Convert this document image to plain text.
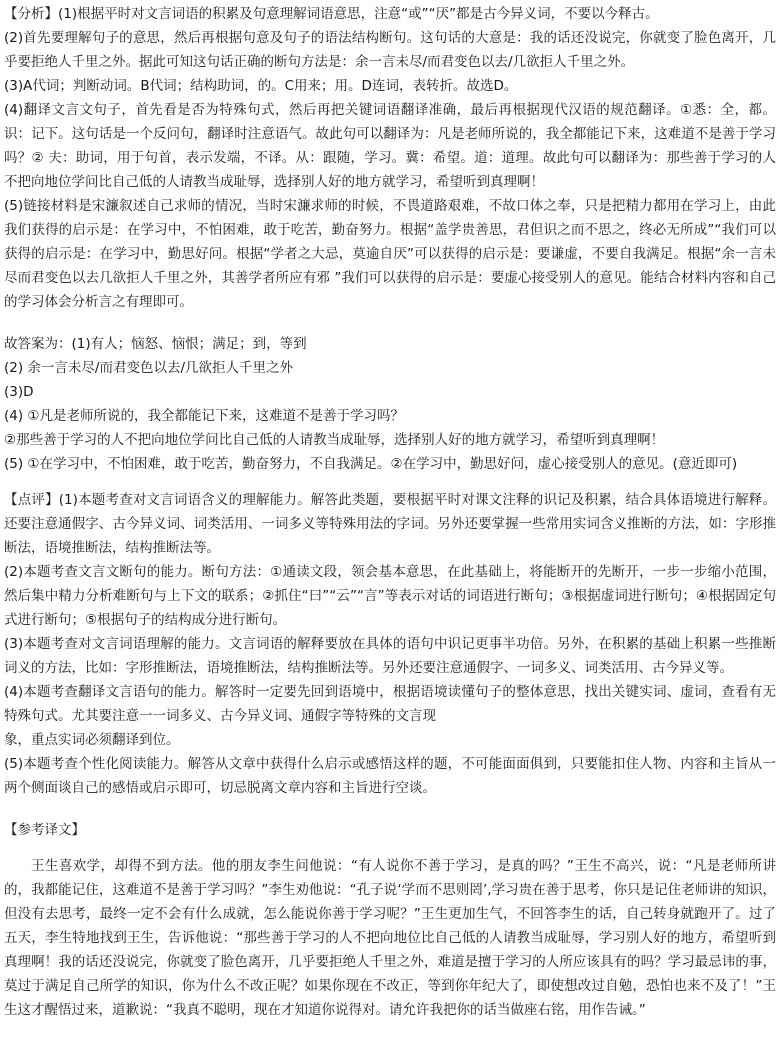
【分析】(1)根据平时对文言词语的积累及句意理解词语意思，注意“或”“厌”都是古今异义词，不要以今释古。

(2)首先要理解句子的意思，然后再根据句意及句子的语法结构断句。这句话的大意是：我的话还没说完，你就变了脸色离开，几乎要拒绝人千里之外。据此可知这句话正确的断句方法是：余一言未尽/而君变色以去/几欲拒人千里之外。

(3)A代词；判断动词。B代词；结构助词，的。C用来；用。D连词，表转折。故选D。

(4)翻译文言文句子，首先看是否为特殊句式，然后再把关键词语翻译准确，最后再根据现代汉语的规范翻译。①悉：全，都。识：记下。这句话是一个反问句，翻译时注意语气。故此句可以翻译为：凡是老师所说的，我全都能记下来，这难道不是善于学习吗？② 夫：助词，用于句首，表示发端，不译。从：跟随，学习。冀：希望。道：道理。故此句可以翻译为：那些善于学习的人不把向地位学问比自己低的人请教当成耻辱，选择别人好的地方就学习，希望听到真理啊！

(5)链接材料是宋濂叙述自己求师的情况，当时宋濂求师的时候，不畏道路艰难，不故口体之奉，只是把精力都用在学习上，由此我们获得的启示是：在学习中，不怕困难，敢于吃苦，勤奋努力。根据“盖学贵善思，君但识之而不思之，终必无所成”“我们可以获得的启示是：在学习中，勤思好问。根据“学者之大忌，莫逾自厌”可以获得的启示是：要谦虚，不要自我满足。根据“余一言未尽而君变色以去几欲拒人千里之外，其善学者所应有邪 ”我们可以获得的启示是：要虚心接受别人的意见。能结合材料内容和自己的学习体会分析言之有理即可。

故答案为：(1)有人；恼怒、恼恨；满足；到，等到

(2) 余一言未尽/而君变色以去/几欲拒人千里之外

(3)D

(4) ①凡是老师所说的，我全都能记下来，这难道不是善于学习吗？

②那些善于学习的人不把向地位学问比自己低的人请教当成耻辱，选择别人好的地方就学习，希望听到真理啊！

(5) ①在学习中，不怕困难，敢于吃苦，勤奋努力，不自我满足。②在学习中，勤思好问，虚心接受别人的意见。(意近即可)

【点评】(1)本题考查对文言词语含义的理解能力。解答此类题，要根据平时对课文注释的识记及积累，结合具体语境进行解释。还要注意通假字、古今异义词、词类活用、一词多义等特殊用法的字词。另外还要掌握一些常用实词含义推断的方法，如：字形推断法，语境推断法，结构推断法等。

(2)本题考查文言文断句的能力。断句方法：①通读文段，领会基本意思，在此基础上，将能断开的先断开，一步一步缩小范围，然后集中精力分析难断句与上下文的联系；②抓住“曰”“云”“言”等表示对话的词语进行断句；③根据虚词进行断句；④根据固定句式进行断句；⑤根据句子的结构成分进行断句。

(3)本题考查对文言词语理解的能力。文言词语的解释要放在具体的语句中识记更事半功倍。另外，在积累的基础上积累一些推断词义的方法，比如：字形推断法，语境推断法，结构推断法等。另外还要注意通假字、一词多义、词类活用、古今异义等。

(4)本题考查翻译文言语句的能力。解答时一定要先回到语境中，根据语境读懂句子的整体意思，找出关键实词、虚词，查看有无特殊句式。尤其要注意一一词多义、古今异义词、通假字等特殊的文言现

象，重点实词必须翻译到位。

(5)本题考查个性化阅读能力。解答从文章中获得什么启示或感悟这样的题，不可能面面俱到，只要能扣住人物、内容和主旨从一两个侧面谈自己的感悟或启示即可，切忌脱离文章内容和主旨进行空谈。

【参考译文】

王生喜欢学，却得不到方法。他的朋友李生问他说：“有人说你不善于学习，是真的吗？”王生不高兴，说：“凡是老师所讲的，我都能记住，这难道不是善于学习吗？”李生劝他说：“孔子说‘学而不思则罔’,学习贵在善于思考，你只是记住老师讲的知识，但没有去思考，最终一定不会有什么成就，怎么能说你善于学习呢？”王生更加生气，不回答李生的话，自己转身就跑开了。过了五天，李生特地找到王生，告诉他说：“那些善于学习的人不把向地位比自己低的人请教当成耻辱，学习别人好的地方，希望听到真理啊！我的话还没说完，你就变了脸色离开，几乎要拒绝人千里之外，难道是擅于学习的人所应该具有的吗？学习最忌讳的事，莫过于满足自己所学的知识，你为什么不改正呢？如果你现在不改正，等到你年纪大了，即使想改过自勉，恐怕也来不及了！”王生这才醒悟过来，道歉说：“我真不聪明，现在才知道你说得对。请允许我把你的话当做座右铭，用作告诫。”
